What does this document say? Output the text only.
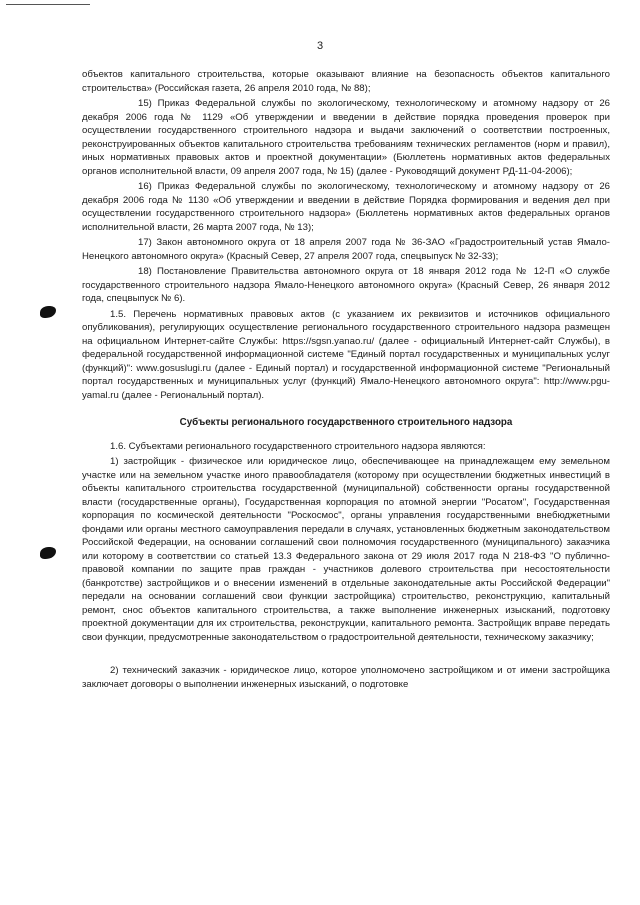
3

объектов капитального строительства, которые оказывают влияние на безопасность объектов капитального строительства» (Российская газета, 26 апреля 2010 года, № 88);

15) Приказ Федеральной службы по экологическому, технологическому и атомному надзору от 26 декабря 2006 года № 1129 «Об утверждении и введении в действие порядка проведения проверок при осуществлении государственного строительного надзора и выдачи заключений о соответствии построенных, реконструированных объектов капитального строительства требованиям технических регламентов (норм и правил), иных нормативных правовых актов и проектной документации» (Бюллетень нормативных актов федеральных органов исполнительной власти, 09 апреля 2007 года, № 15) (далее - Руководящий документ РД-11-04-2006);

16) Приказ Федеральной службы по экологическому, технологическому и атомному надзору от 26 декабря 2006 года № 1130 «Об утверждении и введении в действие Порядка формирования и ведения дел при осуществлении государственного строительного надзора» (Бюллетень нормативных актов федеральных органов исполнительной власти, 26 марта 2007 года, № 13);

17) Закон автономного округа от 18 апреля 2007 года № 36-ЗАО «Градостроительный устав Ямало-Ненецкого автономного округа» (Красный Север, 27 апреля 2007 года, спецвыпуск № 32-33);

18) Постановление Правительства автономного округа от 18 января 2012 года № 12-П «О службе государственного строительного надзора Ямало-Ненецкого автономного округа» (Красный Север, 26 января 2012 года, спецвыпуск № 6).

1.5. Перечень нормативных правовых актов (с указанием их реквизитов и источников официального опубликования), регулирующих осуществление регионального государственного строительного надзора размещен на официальном Интернет-сайте Службы: https://sgsn.yanao.ru/ (далее - официальный Интернет-сайт Службы), в федеральной государственной информационной системе "Единый портал государственных и муниципальных услуг (функций)": www.gosuslugi.ru (далее - Единый портал) и государственной информационной системе "Региональный портал государственных и муниципальных услуг (функций) Ямало-Ненецкого автономного округа": http://www.pgu-yamal.ru (далее - Региональный портал).

Субъекты регионального государственного строительного надзора

1.6. Субъектами регионального государственного строительного надзора являются:

1) застройщик - физическое или юридическое лицо, обеспечивающее на принадлежащем ему земельном участке или на земельном участке иного правообладателя (которому при осуществлении бюджетных инвестиций в объекты капитального строительства государственной (муниципальной) собственности органы государственной власти (государственные органы), Государственная корпорация по атомной энергии "Росатом", Государственная корпорация по космической деятельности "Роскосмос", органы управления государственными внебюджетными фондами или органы местного самоуправления передали в случаях, установленных бюджетным законодательством Российской Федерации, на основании соглашений свои полномочия государственного (муниципального) заказчика или которому в соответствии со статьей 13.3 Федерального закона от 29 июля 2017 года N 218-ФЗ "О публично-правовой компании по защите прав граждан - участников долевого строительства при несостоятельности (банкротстве) застройщиков и о внесении изменений в отдельные законодательные акты Российской Федерации" передали на основании соглашений свои функции застройщика) строительство, реконструкцию, капитальный ремонт, снос объектов капитального строительства, а также выполнение инженерных изысканий, подготовку проектной документации для их строительства, реконструкции, капитального ремонта. Застройщик вправе передать свои функции, предусмотренные законодательством о градостроительной деятельности, техническому заказчику;

2) технический заказчик - юридическое лицо, которое уполномочено застройщиком и от имени застройщика заключает договоры о выполнении инженерных изысканий, о подготовке
